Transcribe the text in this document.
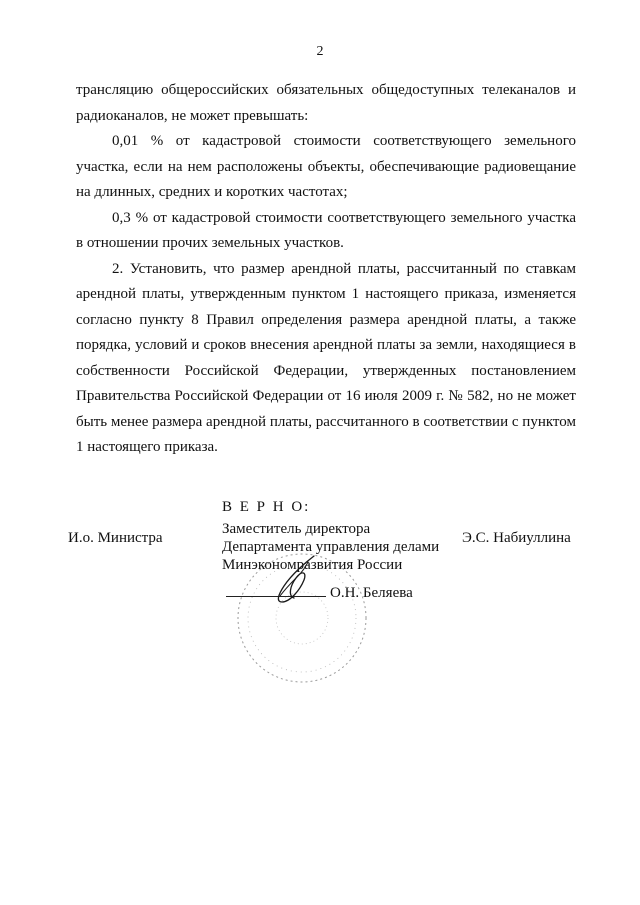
2

трансляцию общероссийских обязательных общедоступных телеканалов и радиоканалов, не может превышать:

0,01 % от кадастровой стоимости соответствующего земельного участка, если на нем расположены объекты, обеспечивающие радиовещание на длинных, средних и коротких частотах;

0,3 % от кадастровой стоимости соответствующего земельного участка в отношении прочих земельных участков.

2. Установить, что размер арендной платы, рассчитанный по ставкам арендной платы, утвержденным пунктом 1 настоящего приказа, изменяется согласно пункту 8 Правил определения размера арендной платы, а также порядка, условий и сроков внесения арендной платы за земли, находящиеся в собственности Российской Федерации, утвержденных постановлением Правительства Российской Федерации от 16 июля 2009 г. № 582, но не может быть менее размера арендной платы, рассчитанного в соответствии с пунктом 1 настоящего приказа.

И.о. Министра	Э.С. Набиуллина
В Е Р Н О:
Заместитель директора
Департамента управления делами
Минэкономразвития России
О.Н. Беляева
